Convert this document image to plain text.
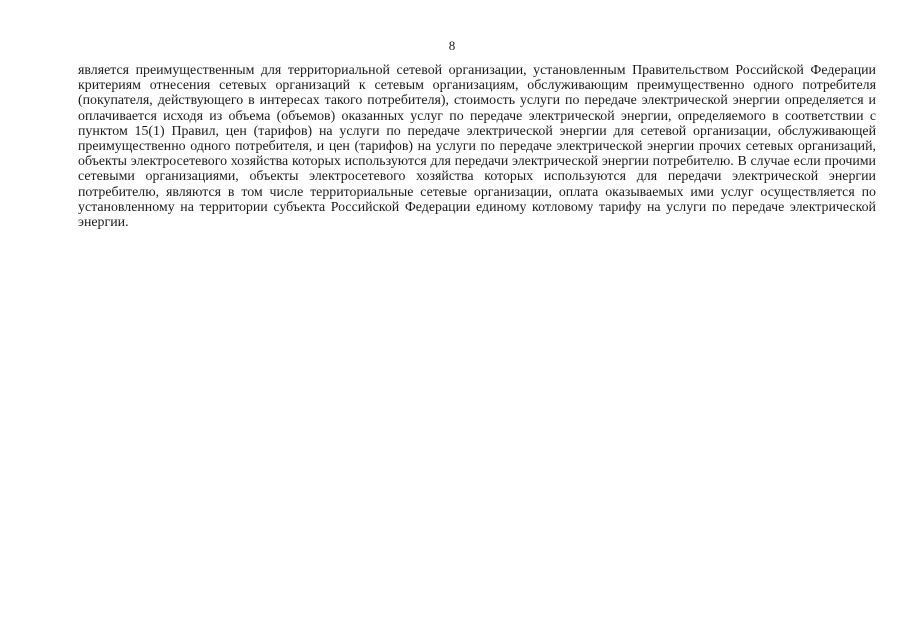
8

является преимущественным для территориальной сетевой организации, установленным Правительством Российской Федерации критериям отнесения сетевых организаций к сетевым организациям, обслуживающим преимущественно одного потребителя (покупателя, действующего в интересах такого потребителя), стоимость услуги по передаче электрической энергии определяется и оплачивается исходя из объема (объемов) оказанных услуг по передаче электрической энергии, определяемого в соответствии с пунктом 15(1) Правил, цен (тарифов) на услуги по передаче электрической энергии для сетевой организации, обслуживающей преимущественно одного потребителя, и цен (тарифов) на услуги по передаче электрической энергии прочих сетевых организаций, объекты электросетевого хозяйства которых используются для передачи электрической энергии потребителю. В случае если прочими сетевыми организациями, объекты электросетевого хозяйства которых используются для передачи электрической энергии потребителю, являются в том числе территориальные сетевые организации, оплата оказываемых ими услуг осуществляется по установленному на территории субъекта Российской Федерации единому котловому тарифу на услуги по передаче электрической энергии.
